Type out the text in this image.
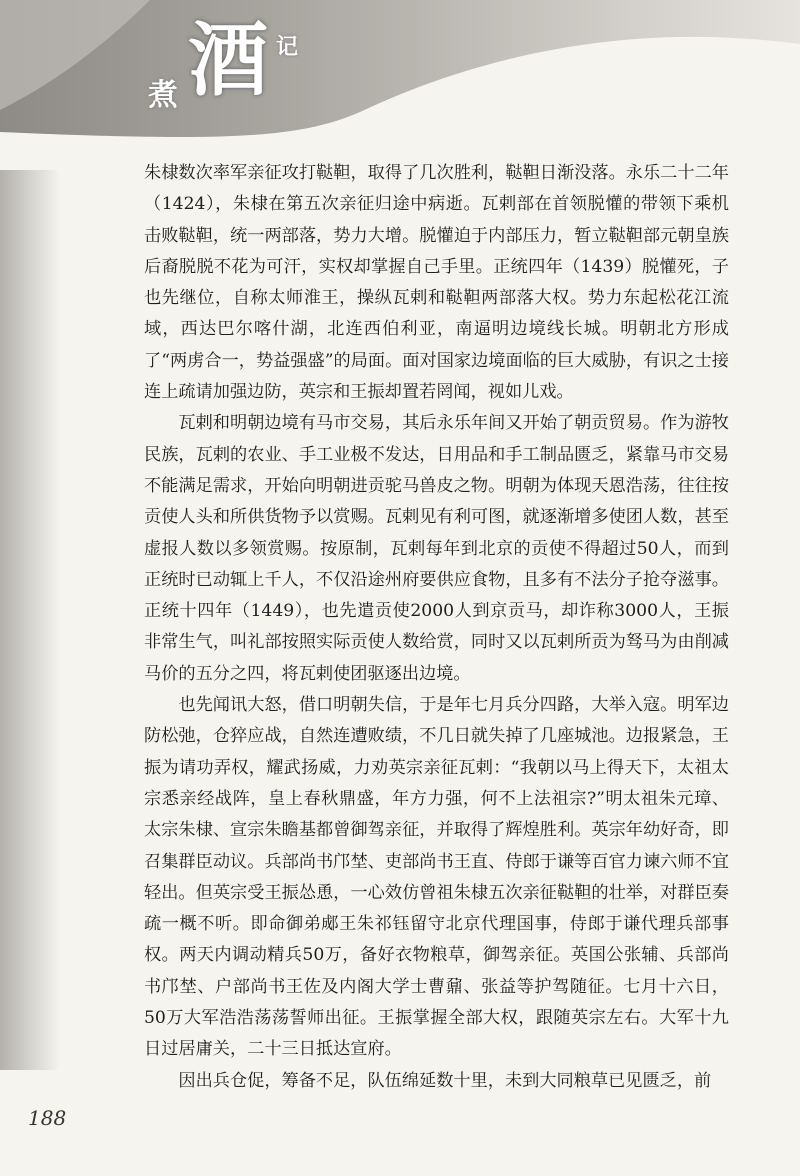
煮 酒 记

朱棣数次率军亲征攻打鞑靼，取得了几次胜利，鞑靼日渐没落。永乐二十二年（1424），朱棣在第五次亲征归途中病逝。瓦剌部在首领脱懽的带领下乘机击败鞑靼，统一两部落，势力大增。脱懽迫于内部压力，暂立鞑靼部元朝皇族后裔脱脱不花为可汗，实权却掌握自己手里。正统四年（1439）脱懽死，子也先继位，自称太师淮王，操纵瓦剌和鞑靼两部落大权。势力东起松花江流域，西达巴尔喀什湖，北连西伯利亚，南逼明边境线长城。明朝北方形成了“两虏合一，势益强盛”的局面。面对国家边境面临的巨大威胁，有识之士接连上疏请加强边防，英宗和王振却置若罔闻，视如儿戏。

瓦剌和明朝边境有马市交易，其后永乐年间又开始了朝贡贸易。作为游牧民族，瓦剌的农业、手工业极不发达，日用品和手工制品匮乏，紧靠马市交易不能满足需求，开始向明朝进贡驼马兽皮之物。明朝为体现天恩浩荡，往往按贡使人头和所供货物予以赏赐。瓦剌见有利可图，就逐渐增多使团人数，甚至虚报人数以多领赏赐。按原制，瓦剌每年到北京的贡使不得超过50人，而到正统时已动辄上千人，不仅沿途州府要供应食物，且多有不法分子抢夺滋事。正统十四年（1449），也先遣贡使2000人到京贡马，却诈称3000人，王振非常生气，叫礼部按照实际贡使人数给赏，同时又以瓦剌所贡为驽马为由削减马价的五分之四，将瓦剌使团驱逐出边境。

也先闻讯大怒，借口明朝失信，于是年七月兵分四路，大举入寇。明军边防松弛，仓猝应战，自然连遭败绩，不几日就失掉了几座城池。边报紧急，王振为请功弄权，耀武扬威，力劝英宗亲征瓦剌：“我朝以马上得天下，太祖太宗悉亲经战阵，皇上春秋鼎盛，年方力强，何不上法祖宗?”明太祖朱元璋、太宗朱棣、宣宗朱瞻基都曾御驾亲征，并取得了辉煌胜利。英宗年幼好奇，即召集群臣动议。兵部尚书邝埜、吏部尚书王直、侍郎于谦等百官力谏六师不宜轻出。但英宗受王振怂恿，一心效仿曾祖朱棣五次亲征鞑靼的壮举，对群臣奏疏一概不听。即命御弟郕王朱祁钰留守北京代理国事，侍郎于谦代理兵部事权。两天内调动精兵50万，备好衣物粮草，御驾亲征。英国公张辅、兵部尚书邝埜、户部尚书王佐及内阁大学士曹鼐、张益等护驾随征。七月十六日，50万大军浩浩荡荡誓师出征。王振掌握全部大权，跟随英宗左右。大军十九日过居庸关，二十三日抵达宣府。

因出兵仓促，筹备不足，队伍绵延数十里，未到大同粮草已见匮乏，前

188
